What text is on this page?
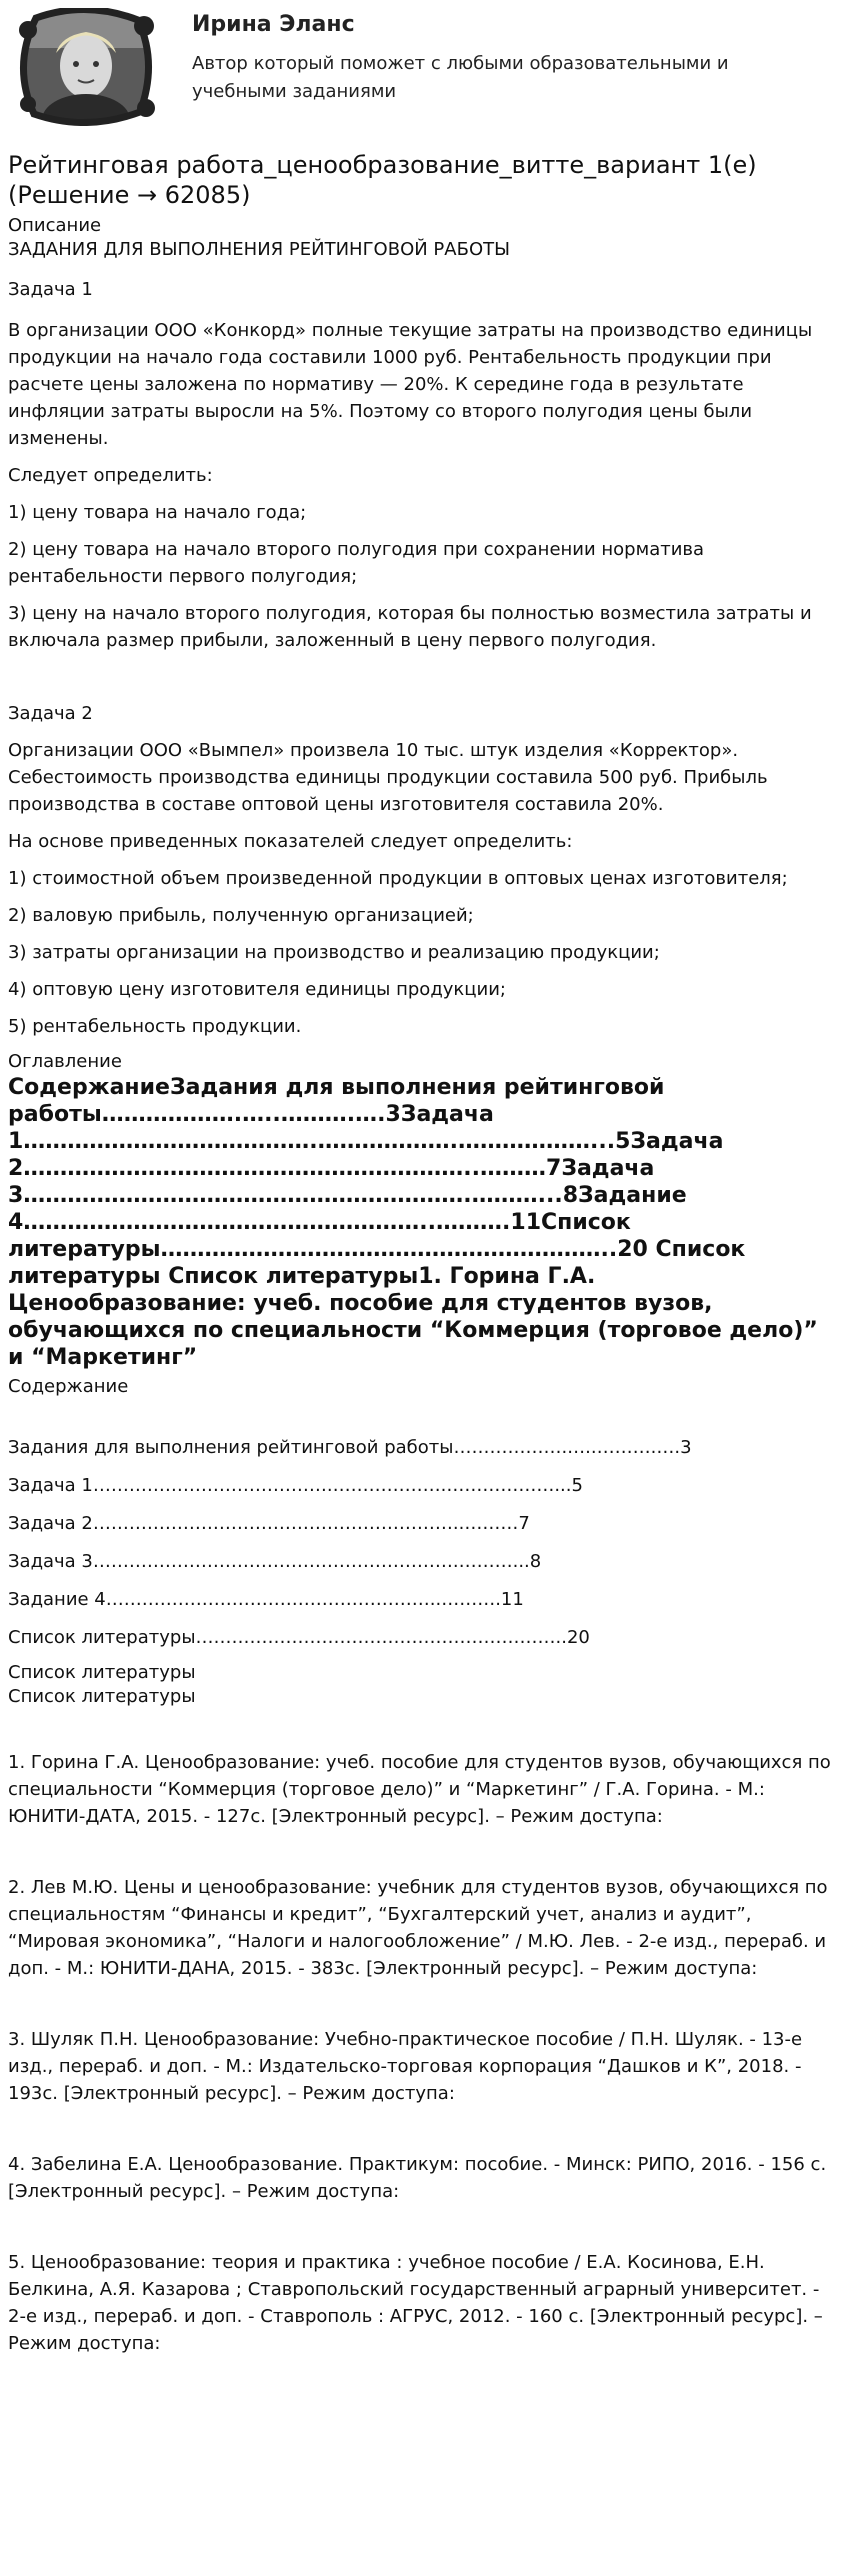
Ирина Эланс
Автор который поможет с любыми образовательными и учебными заданиями
Рейтинговая работа_ценообразование_витте_вариант 1(е) (Решение → 62085)
Описание
ЗАДАНИЯ ДЛЯ ВЫПОЛНЕНИЯ РЕЙТИНГОВОЙ РАБОТЫ
Задача 1
В организации ООО «Конкорд» полные текущие затраты на производство единицы продукции на начало года составили 1000 руб. Рентабельность продукции при расчете цены заложена по нормативу — 20%. К середине года в результате инфляции затраты выросли на 5%. Поэтому со второго полугодия цены были изменены.
Следует определить:
1) цену товара на начало года;
2) цену товара на начало второго полугодия при сохранении норматива рентабельности первого полугодия;
3) цену на начало второго полугодия, которая бы полностью возместила затраты и включала размер прибыли, заложенный в цену первого полугодия.
Задача 2
Организации ООО «Вымпел» произвела 10 тыс. штук изделия «Корректор». Себестоимость производства единицы продукции составила 500 руб. Прибыль производства в составе оптовой цены изготовителя составила 20%.
На основе приведенных показателей следует определить:
1) стоимостной объем произведенной продукции в оптовых ценах изготовителя;
2) валовую прибыль, полученную организацией;
3) затраты организации на производство и реализацию продукции;
4) оптовую цену изготовителя единицы продукции;
5) рентабельность продукции.
Оглавление
СодержаниеЗадания для выполнения рейтинговой работы……………….…..……….….3Задача 1………………………………….……………….………………...5Задача 2……………………………………………………..………7Задача 3…………………………………………………….………...8Задание 4………………………………………………..……….11Список литературы……………………………………………………..20 Список литературы Список литературы1. Горина Г.А. Ценообразование: учеб. пособие для студентов вузов, обучающихся по специальности “Коммерция (торговое дело)” и “Маркетинг”
Содержание
Задания для выполнения рейтинговой работы……………….…..……….….3
Задача 1………………………………….……………….………………...5
Задача 2……………………………………………………..………7
Задача 3…………………………………………………….………...8
Задание 4………………………………………………..……….11
Список литературы……………………………………………………..20
Список литературы
Список литературы
1. Горина Г.А. Ценообразование: учеб. пособие для студентов вузов, обучающихся по специальности “Коммерция (торговое дело)” и “Маркетинг” / Г.А. Горина. - М.: ЮНИТИ-ДАТА, 2015. - 127с. [Электронный ресурс]. – Режим доступа:
2. Лев М.Ю. Цены и ценообразование: учебник для студентов вузов, обучающихся по специальностям “Финансы и кредит”, “Бухгалтерский учет, анализ и аудит”, “Мировая экономика”, “Налоги и налогообложение” / М.Ю. Лев. - 2-е изд., перераб. и доп. - М.: ЮНИТИ-ДАНА, 2015. - 383с. [Электронный ресурс]. – Режим доступа:
3. Шуляк П.Н. Ценообразование: Учебно-практическое пособие / П.Н. Шуляк. - 13-е изд., перераб. и доп. - М.: Издательско-торговая корпорация “Дашков и К”, 2018. - 193с. [Электронный ресурс]. – Режим доступа:
4. Забелина Е.А. Ценообразование. Практикум: пособие. - Минск: РИПО, 2016. - 156 с. [Электронный ресурс]. – Режим доступа:
5. Ценообразование: теория и практика : учебное пособие / Е.А. Косинова, Е.Н. Белкина, А.Я. Казарова ; Ставропольский государственный аграрный университет. - 2-е изд., перераб. и доп. - Ставрополь : АГРУС, 2012. - 160 с. [Электронный ресурс]. – Режим доступа:
